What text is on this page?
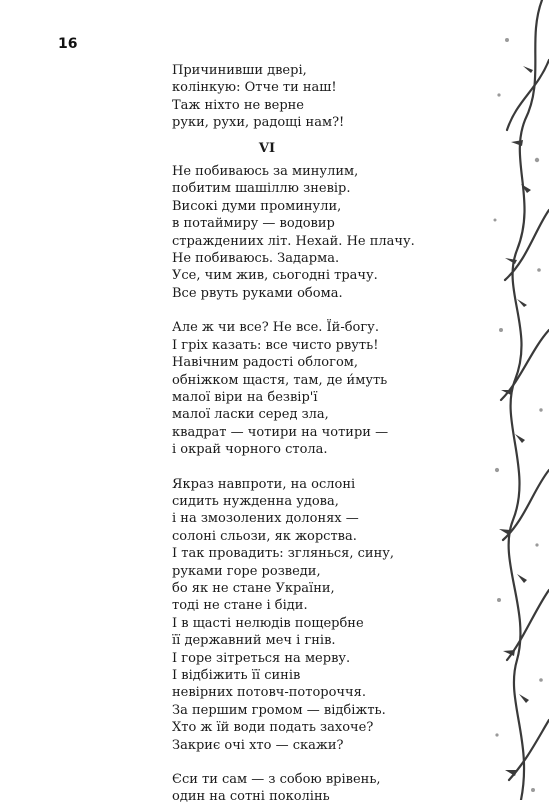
16
Причинивши двері,
колінкую: Отче ти наш!
Таж ніхто не верне
руки, рухи, радощі нам?!
VI
Не побиваюсь за минулим,
побитим шашіллю зневір.
Високі думи проминули,
в потаймиру — водовир
страждениих літ. Нехай. Не плачу.
Не побиваюсь. Задарма.
Усе, чим жив, сьогодні трачу.
Все рвуть руками обома.
Але ж чи все? Не все. Їй-богу.
І гріх казать: все чисто рвуть!
Навічним радості облогом,
обніжком щастя, там, де и́муть
малої віри на безвір'ї
малої ласки серед зла,
квадрат — чотири на чотири —
і окрай чорного стола.
Якраз навпроти, на ослоні
сидить нужденна удова,
і на змозолених долонях —
солоні сльози, як жорства.
І так провадить: зглянься, сину,
руками горе розведи,
бо як не стане України,
тоді не стане і біди.
І в щасті нелюдів пощербне
її державний меч і гнів.
І горе зітреться на мерву.
І відбіжить її синів
невірних потовч-потороччя.
За першим громом — відбіжть.
Хто ж їй води подать захоче?
Закриє очі хто — скажи?
Єси ти сам — з собою врівень,
один на сотні поколінь
